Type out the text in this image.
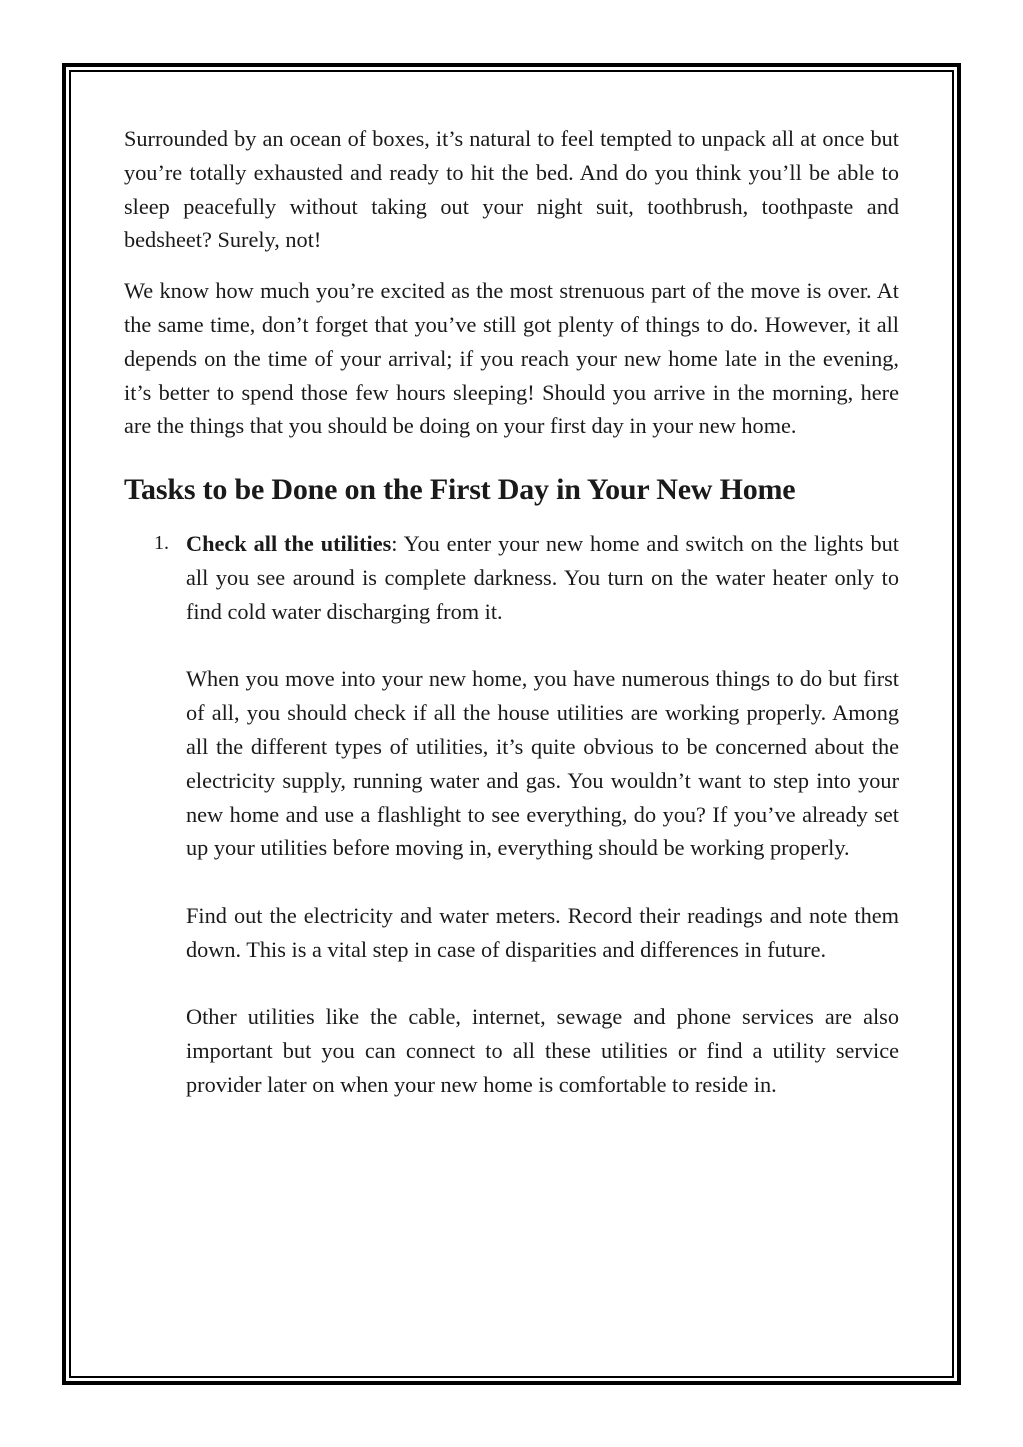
Surrounded by an ocean of boxes, it’s natural to feel tempted to unpack all at once but you’re totally exhausted and ready to hit the bed. And do you think you’ll be able to sleep peacefully without taking out your night suit, toothbrush, toothpaste and bedsheet? Surely, not!

We know how much you’re excited as the most strenuous part of the move is over. At the same time, don’t forget that you’ve still got plenty of things to do. However, it all depends on the time of your arrival; if you reach your new home late in the evening, it’s better to spend those few hours sleeping! Should you arrive in the morning, here are the things that you should be doing on your first day in your new home.

Tasks to be Done on the First Day in Your New Home
1. Check all the utilities: You enter your new home and switch on the lights but all you see around is complete darkness. You turn on the water heater only to find cold water discharging from it.

When you move into your new home, you have numerous things to do but first of all, you should check if all the house utilities are working properly. Among all the different types of utilities, it’s quite obvious to be concerned about the electricity supply, running water and gas. You wouldn’t want to step into your new home and use a flashlight to see everything, do you? If you’ve already set up your utilities before moving in, everything should be working properly.

Find out the electricity and water meters. Record their readings and note them down. This is a vital step in case of disparities and differences in future.

Other utilities like the cable, internet, sewage and phone services are also important but you can connect to all these utilities or find a utility service provider later on when your new home is comfortable to reside in.
